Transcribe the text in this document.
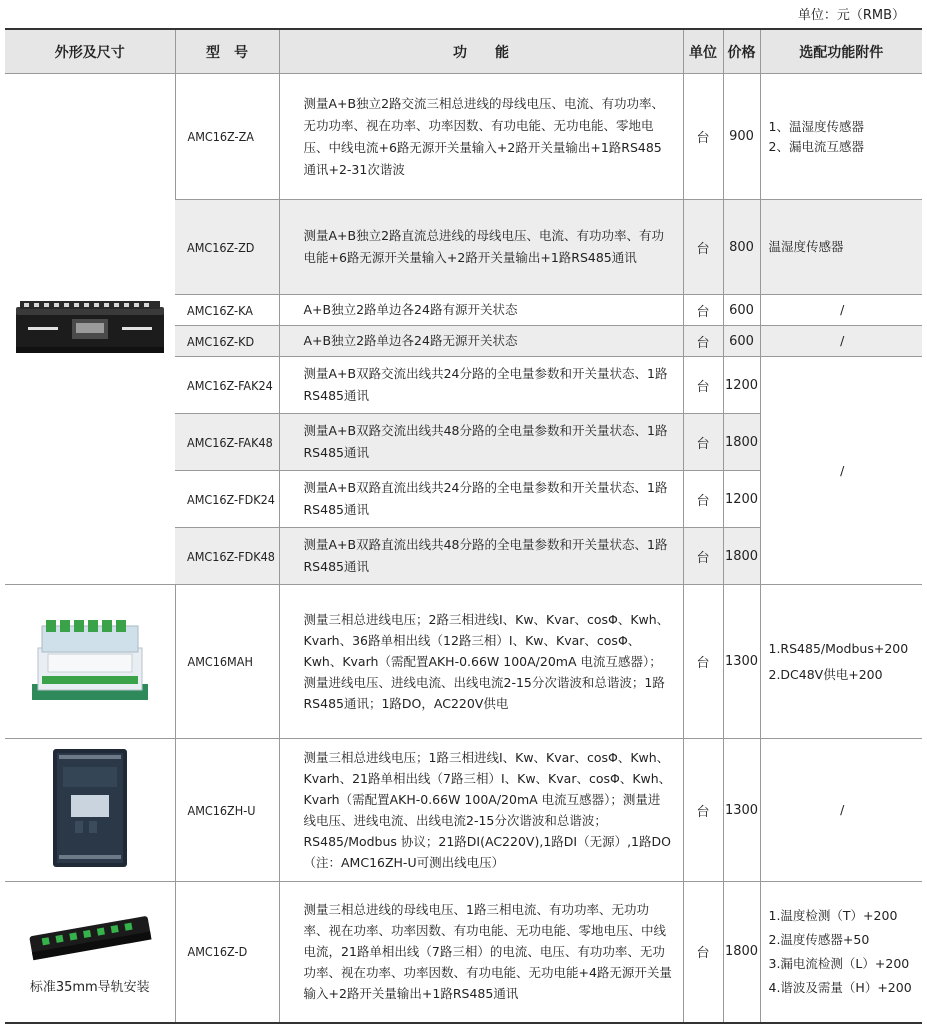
单位：元（RMB）
外形及尺寸	型　号	功　　能	单位	价格	选配功能附件
	AMC16Z-ZA	测量A+B独立2路交流三相总进线的母线电压、电流、有功功率、无功功率、视在功率、功率因数、有功电能、无功电能、零地电压、中线电流+6路无源开关量输入+2路开关量输出+1路RS485通讯+2-31次谐波	台	900	1、温湿度传感器
2、漏电流互感器

	AMC16Z-ZD	测量A+B独立2路直流总进线的母线电压、电流、有功功率、有功电能+6路无源开关量输入+2路开关量输出+1路RS485通讯	台	800	温湿度传感器

	AMC16Z-KA	A+B独立2路单边各24路有源开关状态	台	600	/

	AMC16Z-KD	A+B独立2路单边各24路无源开关状态	台	600	/

	AMC16Z-FAK24	测量A+B双路交流出线共24分路的全电量参数和开关量状态、1路RS485通讯	台	1200	/
	AMC16Z-FAK48	测量A+B双路交流出线共48分路的全电量参数和开关量状态、1路RS485通讯	台	1800	
	AMC16Z-FDK24	测量A+B双路直流出线共24分路的全电量参数和开关量状态、1路RS485通讯	台	1200	
	AMC16Z-FDK48	测量A+B双路直流出线共48分路的全电量参数和开关量状态、1路RS485通讯	台	1800	
	AMC16MAH	测量三相总进线电压；2路三相进线I、Kw、Kvar、cosΦ、Kwh、Kvarh、36路单相出线（12路三相）I、Kw、Kvar、cosΦ、Kwh、Kvarh（需配置AKH-0.66W 100A/20mA 电流互感器）；测量进线电压、进线电流、出线电流2-15分次谐波和总谐波；1路RS485通讯；1路DO，AC220V供电	台	1300	1.RS485/Modbus+200
2.DC48V供电+200

	AMC16ZH-U	测量三相总进线电压；1路三相进线I、Kw、Kvar、cosΦ、Kwh、Kvarh、21路单相出线（7路三相）I、Kw、Kvar、cosΦ、Kwh、Kvarh（需配置AKH-0.66W 100A/20mA 电流互感器）；测量进线电压、进线电流、出线电流2-15分次谐波和总谐波；RS485/Modbus 协议；21路DI(AC220V),1路DI（无源）,1路DO（注：AMC16ZH-U可测出线电压）	台	1300	/

标准35mm导轨安装	AMC16Z-D	测量三相总进线的母线电压、1路三相电流、有功功率、无功功率、视在功率、功率因数、有功电能、无功电能、零地电压、中线电流，21路单相出线（7路三相）的电流、电压、有功功率、无功功率、视在功率、功率因数、有功电能、无功电能+4路无源开关量输入+2路开关量输出+1路RS485通讯	台	1800	1.温度检测（T）+200
2.温度传感器+50
3.漏电流检测（L）+200
4.谐波及需量（H）+200
